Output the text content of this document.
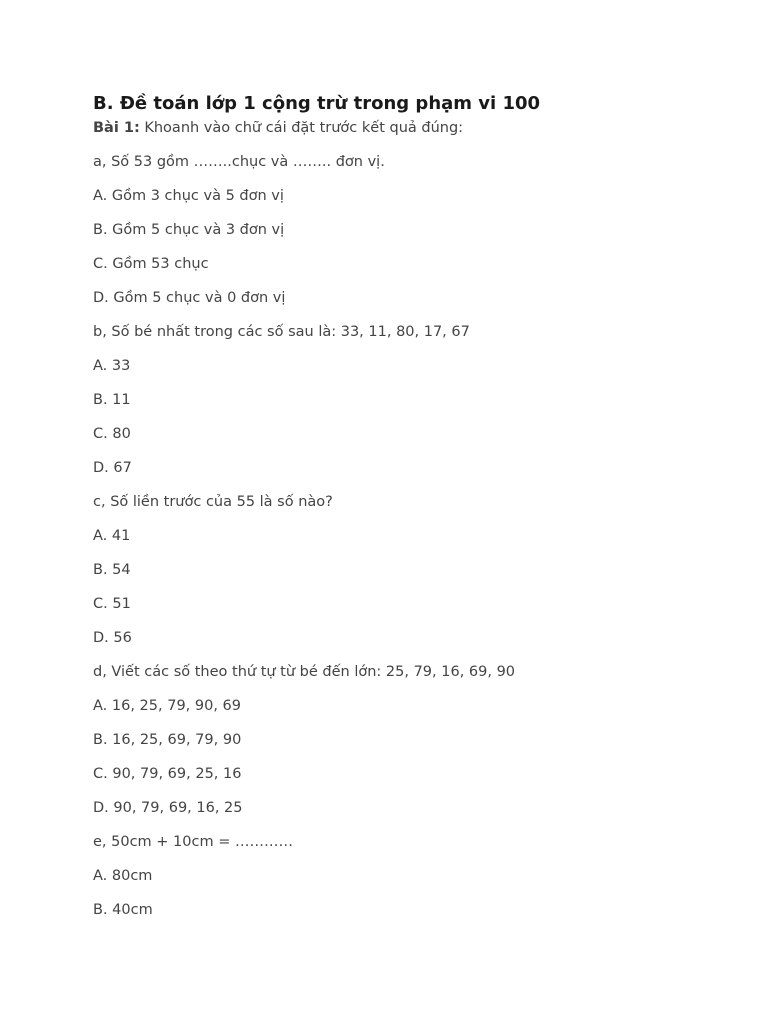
B. Đề toán lớp 1 cộng trừ trong phạm vi 100

Bài 1: Khoanh vào chữ cái đặt trước kết quả đúng:

a, Số 53 gồm ……..chục và …….. đơn vị.
A. Gồm 3 chục và 5 đơn vị
B. Gồm 5 chục và 3 đơn vị
C. Gồm 53 chục
D. Gồm 5 chục và 0 đơn vị
b, Số bé nhất trong các số sau là: 33, 11, 80, 17, 67
A. 33
B. 11
C. 80
D. 67
c, Số liền trước của 55 là số nào?
A. 41
B. 54
C. 51
D. 56
d, Viết các số theo thứ tự từ bé đến lớn: 25, 79, 16, 69, 90
A. 16, 25, 79, 90, 69
B. 16, 25, 69, 79, 90
C. 90, 79, 69, 25, 16
D. 90, 79, 69, 16, 25
e, 50cm + 10cm = …………
A. 80cm
B. 40cm
